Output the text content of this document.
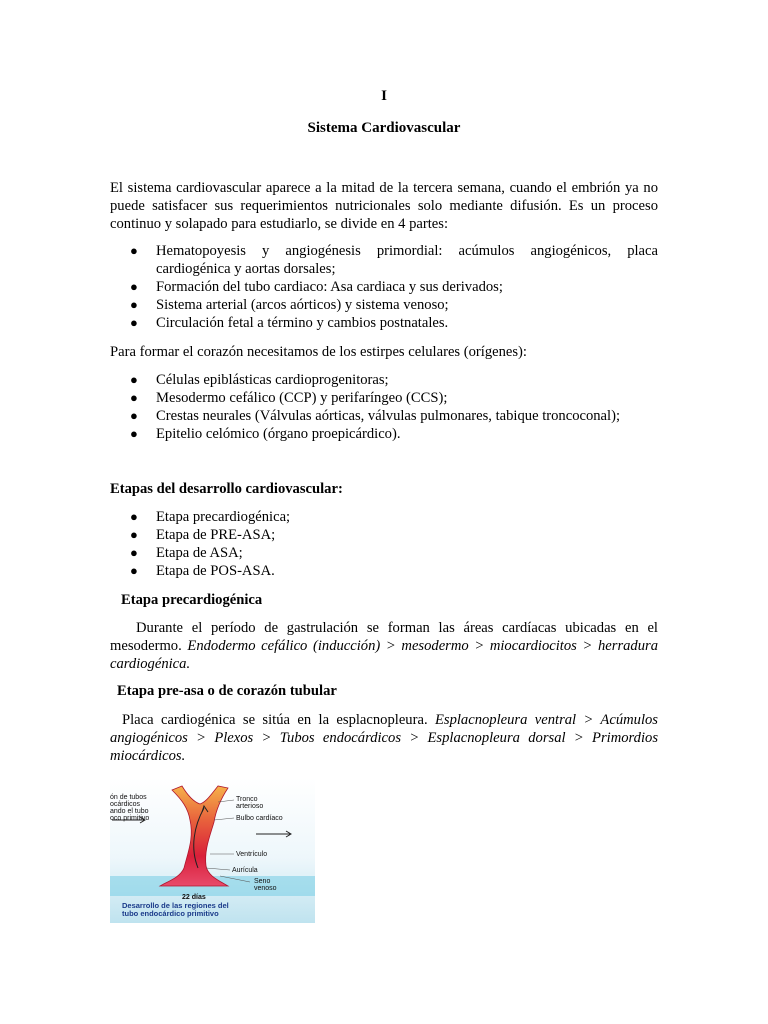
I
Sistema Cardiovascular
El sistema cardiovascular aparece a la mitad de la tercera semana, cuando el embrión ya no puede satisfacer sus requerimientos nutricionales solo mediante difusión. Es un proceso continuo y solapado para estudiarlo, se divide en 4 partes:
● Hematopoyesis y angiogénesis primordial: acúmulos angiogénicos, placa cardiogénica y aortas dorsales;
● Formación del tubo cardiaco: Asa cardiaca y sus derivados;
● Sistema arterial (arcos aórticos) y sistema venoso;
● Circulación fetal a término y cambios postnatales.
Para formar el corazón necesitamos de los estirpes celulares (orígenes):
● Células epiblásticas cardioprogenitoras;
● Mesodermo cefálico (CCP) y perifaríngeo (CCS);
● Crestas neurales (Válvulas aórticas, válvulas pulmonares, tabique troncoconal);
● Epitelio celómico (órgano proepicárdico).
Etapas del desarrollo cardiovascular:
● Etapa precardiogénica;
● Etapa de PRE-ASA;
● Etapa de ASA;
● Etapa de POS-ASA.
Etapa precardiogénica
Durante el período de gastrulación se forman las áreas cardíacas ubicadas en el mesodermo. Endodermo cefálico (inducción) > mesodermo > miocardiocitos > herradura cardiogénica.
Etapa pre-asa o de corazón tubular
Placa cardiogénica se sitúa en la esplacnopleura. Esplacnopleura ventral > Acúmulos angiogénicos > Plexos > Tubos endocárdicos > Esplacnopleura dorsal > Primordios miocárdicos.
ón de tubos
ocárdicos
ando el tubo
oco primitivo
Tronco
arterioso
Bulbo cardíaco
Ventrículo
Aurícula
Seno
venoso
22 días
Desarrollo de las regiones del
tubo endocárdico primitivo
